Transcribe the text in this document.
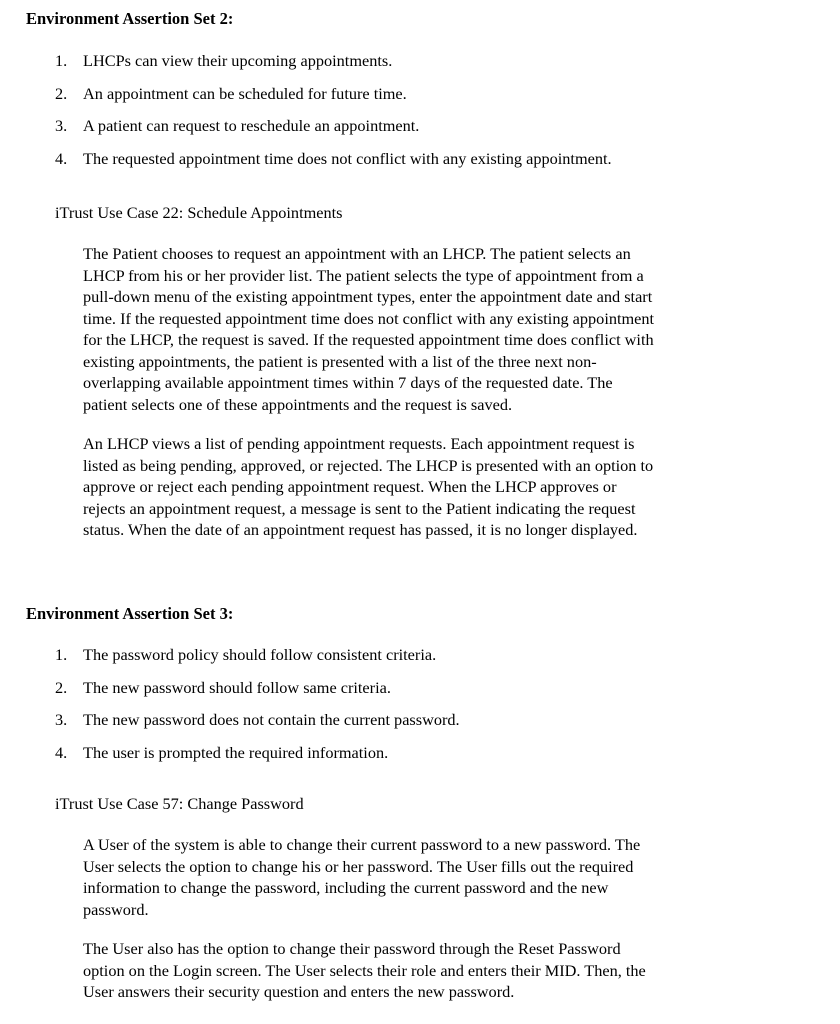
Environment Assertion Set 2:
1. LHCPs can view their upcoming appointments.
2. An appointment can be scheduled for future time.
3. A patient can request to reschedule an appointment.
4. The requested appointment time does not conflict with any existing appointment.
iTrust Use Case 22: Schedule Appointments

The Patient chooses to request an appointment with an LHCP. The patient selects an
LHCP from his or her provider list. The patient selects the type of appointment from a
pull-down menu of the existing appointment types, enter the appointment date and start
time. If the requested appointment time does not conflict with any existing appointment
for the LHCP, the request is saved. If the requested appointment time does conflict with
existing appointments, the patient is presented with a list of the three next non-
overlapping available appointment times within 7 days of the requested date. The
patient selects one of these appointments and the request is saved.

An LHCP views a list of pending appointment requests. Each appointment request is
listed as being pending, approved, or rejected. The LHCP is presented with an option to
approve or reject each pending appointment request. When the LHCP approves or
rejects an appointment request, a message is sent to the Patient indicating the request
status. When the date of an appointment request has passed, it is no longer displayed.

Environment Assertion Set 3:
1. The password policy should follow consistent criteria.
2. The new password should follow same criteria.
3. The new password does not contain the current password.
4. The user is prompted the required information.
iTrust Use Case 57: Change Password

A User of the system is able to change their current password to a new password. The
User selects the option to change his or her password. The User fills out the required
information to change the password, including the current password and the new
password.

The User also has the option to change their password through the Reset Password
option on the Login screen. The User selects their role and enters their MID. Then, the
User answers their security question and enters the new password.
